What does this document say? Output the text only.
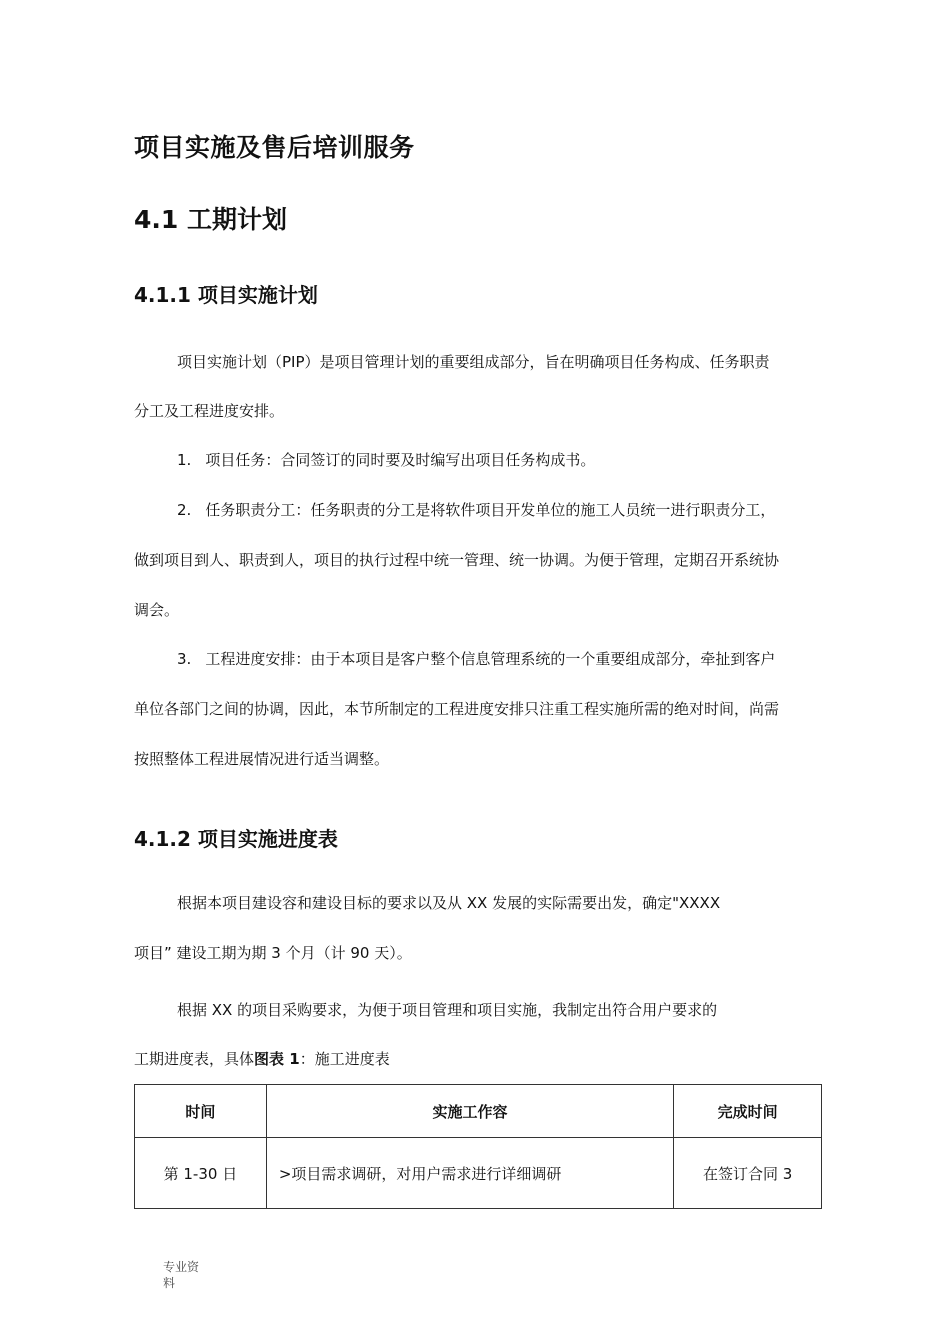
项目实施及售后培训服务
4.1 工期计划
4.1.1 项目实施计划
项目实施计划（PIP）是项目管理计划的重要组成部分，旨在明确项目任务构成、任务职责
分工及工程进度安排。
1. 项目任务：合同签订的同时要及时编写出项目任务构成书。
2. 任务职责分工：任务职责的分工是将软件项目开发单位的施工人员统一进行职责分工，
做到项目到人、职责到人，项目的执行过程中统一管理、统一协调。为便于管理，定期召开系统协
调会。
3. 工程进度安排：由于本项目是客户整个信息管理系统的一个重要组成部分，牵扯到客户
单位各部门之间的协调，因此，本节所制定的工程进度安排只注重工程实施所需的绝对时间，尚需
按照整体工程进展情况进行适当调整。
4.1.2 项目实施进度表
根据本项目建设容和建设目标的要求以及从 XX 发展的实际需要出发，确定"XXXX
项目” 建设工期为期 3 个月（计 90 天）。
根据 XX 的项目采购要求，为便于项目管理和项目实施，我制定出符合用户要求的
工期进度表，具体图表 1：施工进度表
时间	实施工作容	完成时间
第 1-30 日	>项目需求调研，对用户需求进行详细调研	在签订合同 3
专业资
料
